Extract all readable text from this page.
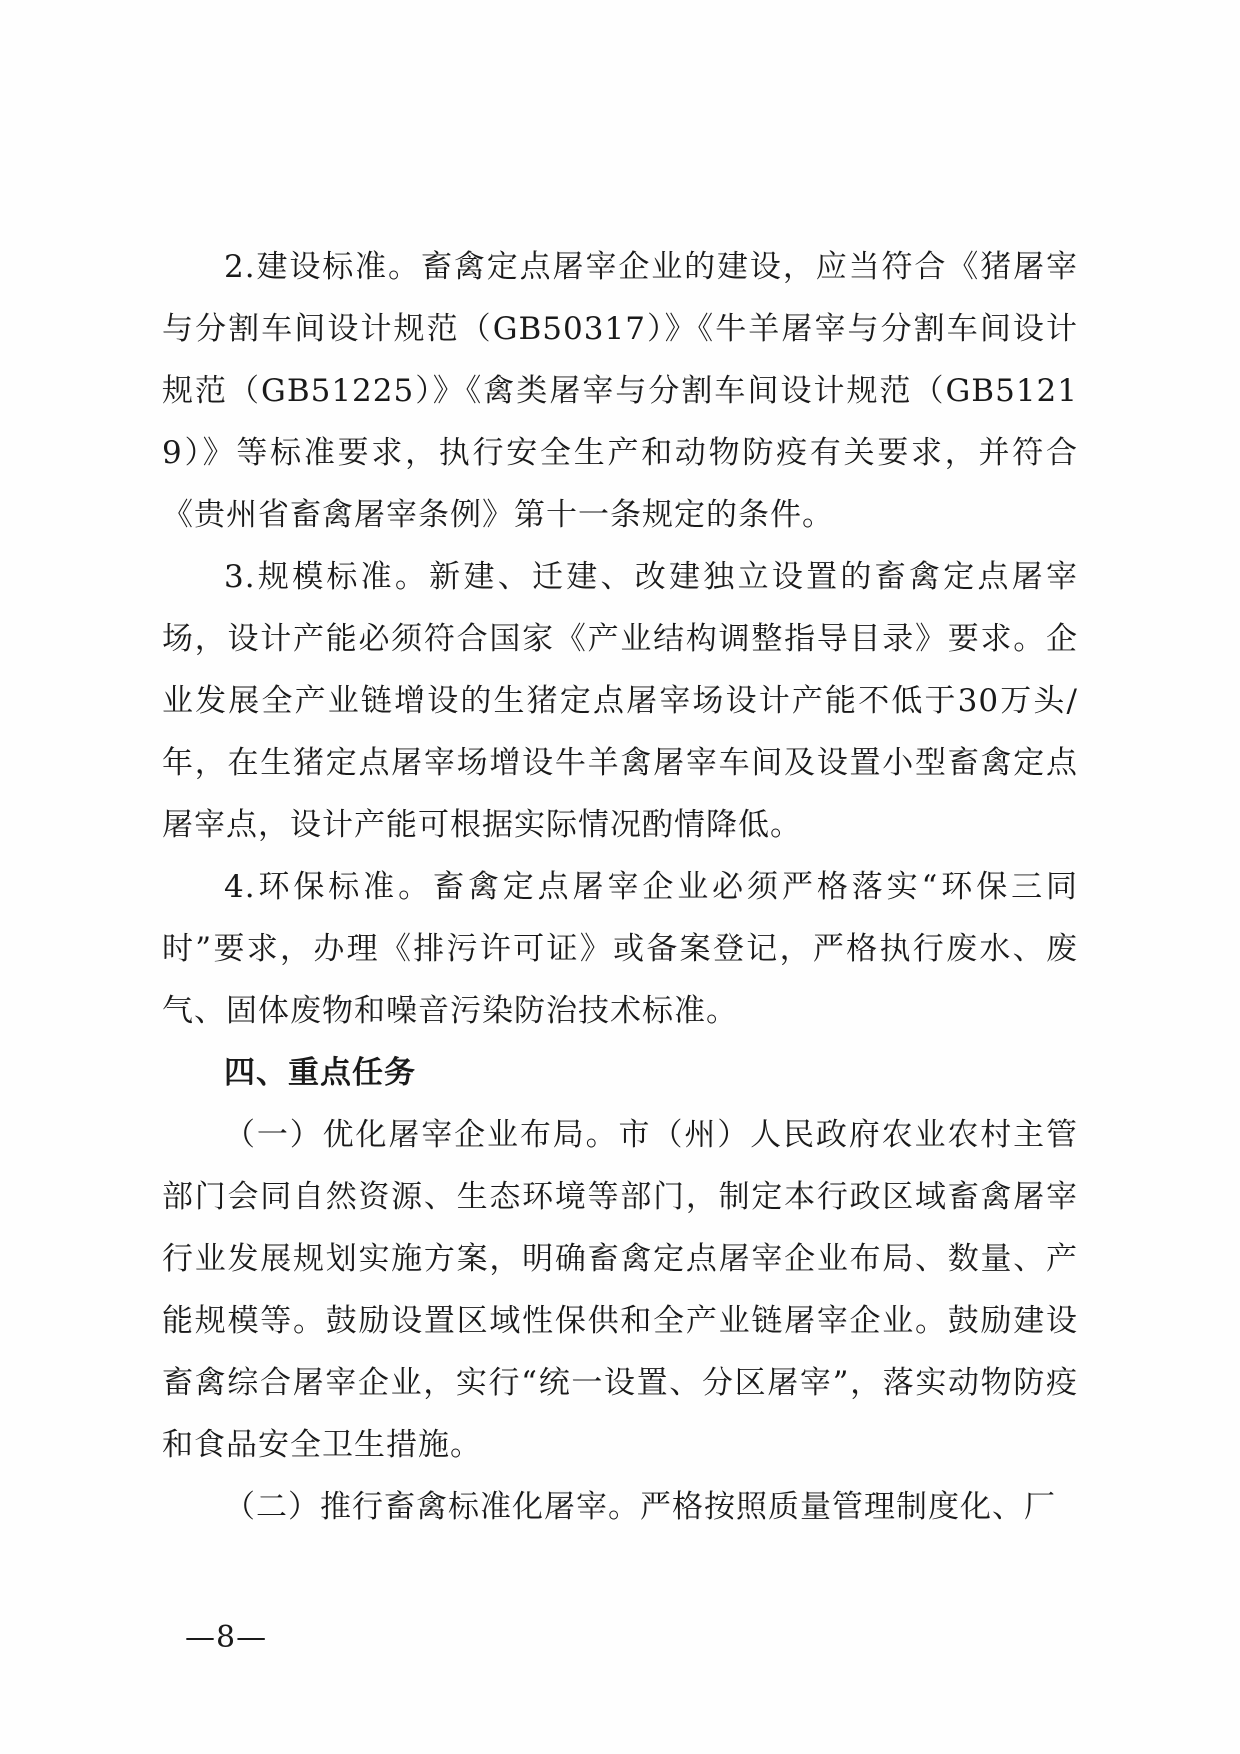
2.建设标准。畜禽定点屠宰企业的建设，应当符合《猪屠宰与分割车间设计规范（GB50317）》《牛羊屠宰与分割车间设计规范（GB51225）》《禽类屠宰与分割车间设计规范（GB51219）》等标准要求，执行安全生产和动物防疫有关要求，并符合《贵州省畜禽屠宰条例》第十一条规定的条件。

3.规模标准。新建、迁建、改建独立设置的畜禽定点屠宰场，设计产能必须符合国家《产业结构调整指导目录》要求。企业发展全产业链增设的生猪定点屠宰场设计产能不低于30万头/年，在生猪定点屠宰场增设牛羊禽屠宰车间及设置小型畜禽定点屠宰点，设计产能可根据实际情况酌情降低。

4.环保标准。畜禽定点屠宰企业必须严格落实“环保三同时”要求，办理《排污许可证》或备案登记，严格执行废水、废气、固体废物和噪音污染防治技术标准。

四、重点任务

（一）优化屠宰企业布局。市（州）人民政府农业农村主管部门会同自然资源、生态环境等部门，制定本行政区域畜禽屠宰行业发展规划实施方案，明确畜禽定点屠宰企业布局、数量、产能规模等。鼓励设置区域性保供和全产业链屠宰企业。鼓励建设畜禽综合屠宰企业，实行“统一设置、分区屠宰”，落实动物防疫和食品安全卫生措施。

（二）推行畜禽标准化屠宰。严格按照质量管理制度化、厂

—8—
